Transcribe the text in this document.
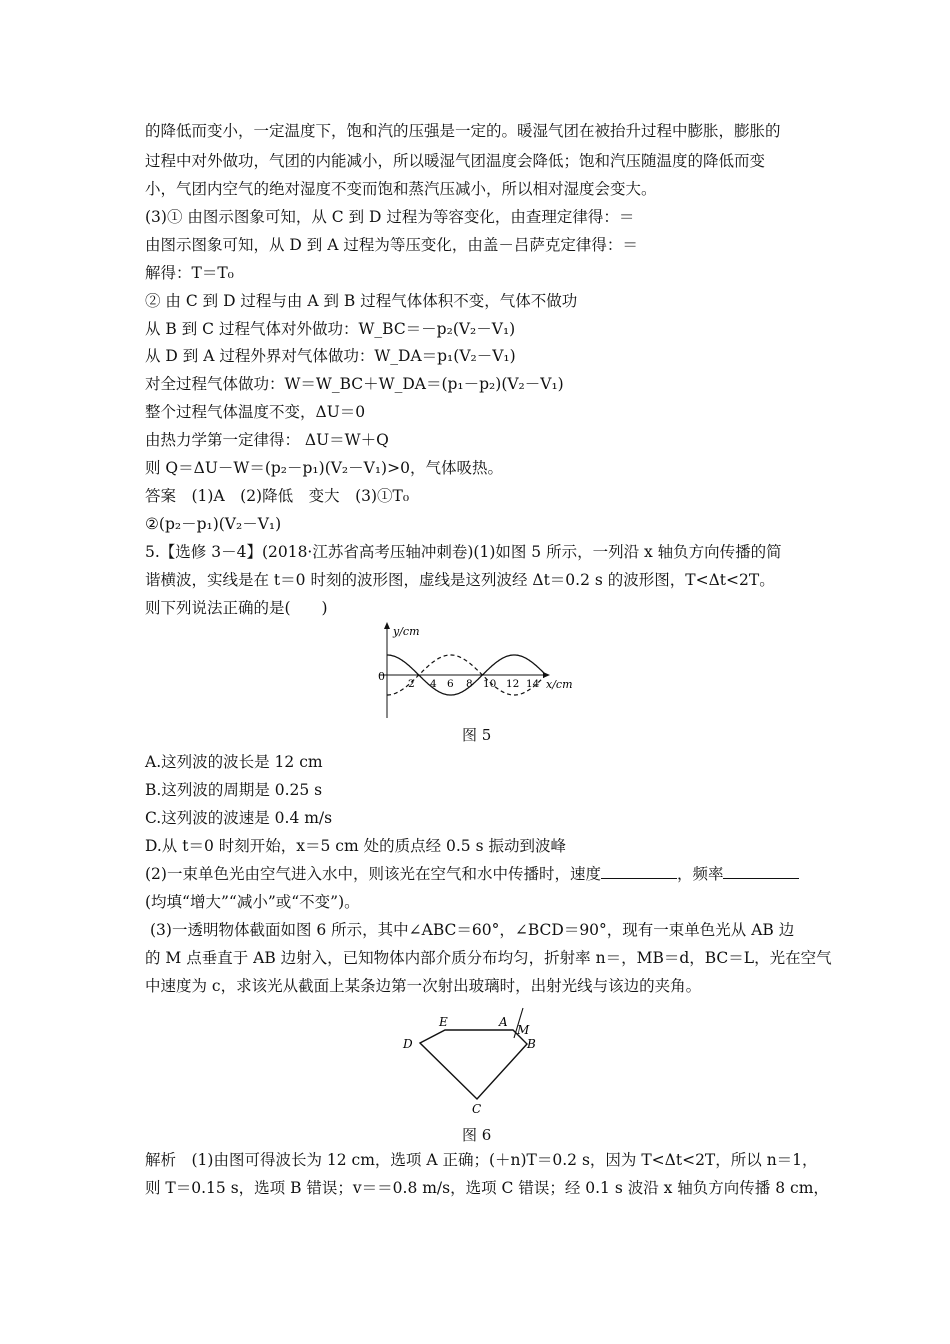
的降低而变小，一定温度下，饱和汽的压强是一定的。暖湿气团在被抬升过程中膨胀，膨胀的
过程中对外做功，气团的内能减小，所以暖湿气团温度会降低；饱和汽压随温度的降低而变
小，气团内空气的绝对湿度不变而饱和蒸汽压减小，所以相对湿度会变大。
(3)① 由图示图象可知，从 C 到 D 过程为等容变化，由查理定律得：＝
由图示图象可知，从 D 到 A 过程为等压变化，由盖－吕萨克定律得：＝
解得：T＝T₀
② 由 C 到 D 过程与由 A 到 B 过程气体体积不变，气体不做功
从 B 到 C 过程气体对外做功：W_BC＝－p₂(V₂－V₁)
从 D 到 A 过程外界对气体做功：W_DA＝p₁(V₂－V₁)
对全过程气体做功：W＝W_BC＋W_DA＝(p₁－p₂)(V₂－V₁)
整个过程气体温度不变，ΔU＝0
由热力学第一定律得： ΔU＝W＋Q
则 Q＝ΔU－W＝(p₂－p₁)(V₂－V₁)>0，气体吸热。
答案　(1)A　(2)降低　变大　(3)①T₀
②(p₂－p₁)(V₂－V₁)
5.【选修 3－4】(2018·江苏省高考压轴冲刺卷)(1)如图 5 所示，一列沿 x 轴负方向传播的简
谐横波，实线是在 t＝0 时刻的波形图，虚线是这列波经 Δt＝0.2 s 的波形图，T<Δt<2T。
则下列说法正确的是(　　)
y/cm
x/cm
0
2 4 6 8 10 12 14
图 5
A.这列波的波长是 12 cm
B.这列波的周期是 0.25 s
C.这列波的波速是 0.4 m/s
D.从 t＝0 时刻开始，x＝5 cm 处的质点经 0.5 s 振动到波峰
(2)一束单色光由空气进入水中，则该光在空气和水中传播时，速度	，频率
(均填“增大”“减小”或“不变”)。
(3)一透明物体截面如图 6 所示，其中∠ABC＝60°，∠BCD＝90°，现有一束单色光从 AB 边
的 M 点垂直于 AB 边射入，已知物体内部介质分布均匀，折射率 n＝，MB＝d，BC＝L，光在空气
中速度为 c，求该光从截面上某条边第一次射出玻璃时，出射光线与该边的夹角。
D
E	A
M
B
C
图 6
解析　(1)由图可得波长为 12 cm，选项 A 正确；(＋n)T＝0.2 s，因为 T<Δt<2T，所以 n＝1，
则 T＝0.15 s，选项 B 错误；v＝＝0.8 m/s，选项 C 错误；经 0.1 s 波沿 x 轴负方向传播 8 cm，
